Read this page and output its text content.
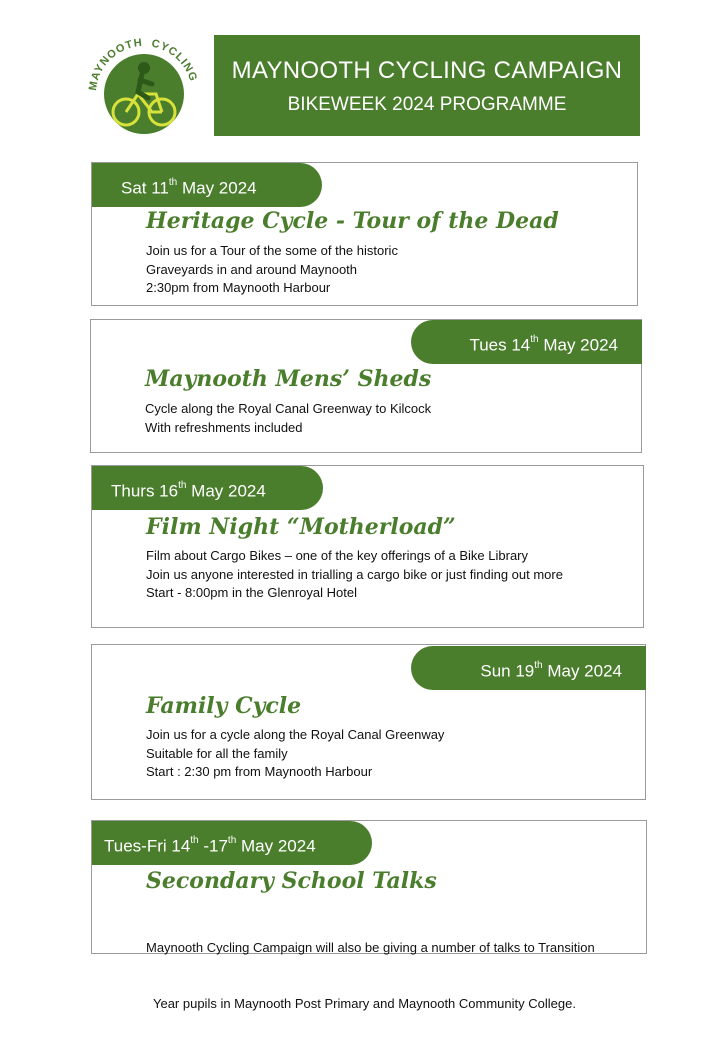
MAYNOOTH CYCLING	MAYNOOTH CYCLING CAMPAIGN
BIKEWEEK 2024 PROGRAMME
Sat 11th May 2024
Heritage Cycle - Tour of the Dead
Join us for a Tour of the some of the historic
Graveyards in and around Maynooth
2:30pm from Maynooth Harbour
Tues 14th May 2024
Maynooth Mens’ Sheds
Cycle along the Royal Canal Greenway to Kilcock
With refreshments included
Thurs 16th May 2024
Film Night “Motherload”
Film about Cargo Bikes – one of the key offerings of a Bike Library
Join us anyone interested in trialling a cargo bike or just finding out more
Start - 8:00pm in the Glenroyal Hotel
Sun 19th May 2024
Family Cycle
Join us for a cycle along the Royal Canal Greenway
Suitable for all the family
Start : 2:30 pm from Maynooth Harbour
Tues-Fri 14th -17th May 2024
Secondary School Talks

Maynooth Cycling Campaign will also be giving a number of talks to Transition

Year pupils in Maynooth Post Primary and Maynooth Community College.
